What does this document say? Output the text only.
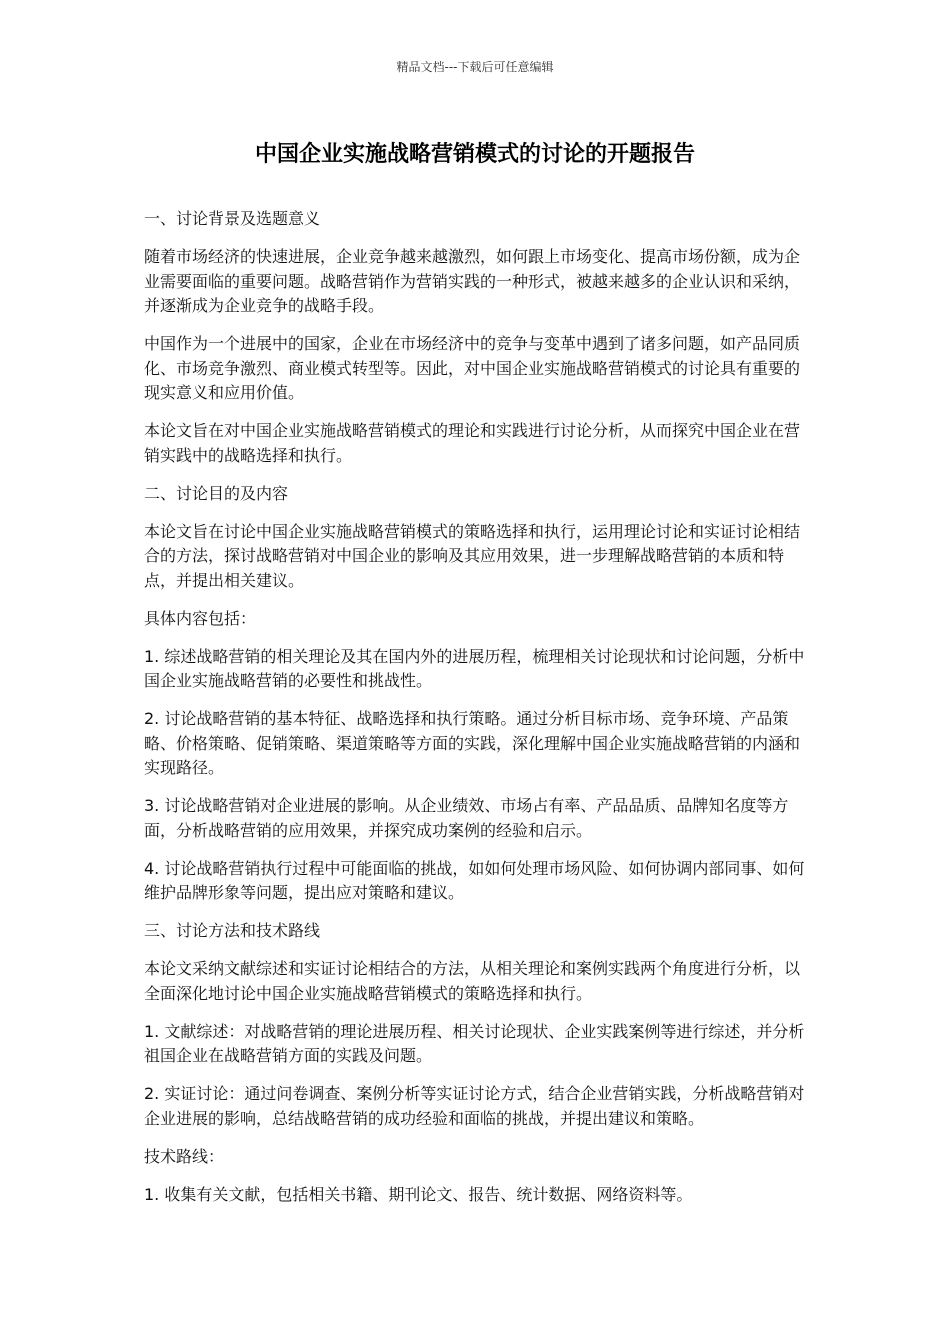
精品文档---下载后可任意编辑
中国企业实施战略营销模式的讨论的开题报告

一、讨论背景及选题意义

随着市场经济的快速进展，企业竞争越来越激烈，如何跟上市场变化、提高市场份额，成为企业需要面临的重要问题。战略营销作为营销实践的一种形式，被越来越多的企业认识和采纳，并逐渐成为企业竞争的战略手段。

中国作为一个进展中的国家，企业在市场经济中的竞争与变革中遇到了诸多问题，如产品同质化、市场竞争激烈、商业模式转型等。因此，对中国企业实施战略营销模式的讨论具有重要的现实意义和应用价值。

本论文旨在对中国企业实施战略营销模式的理论和实践进行讨论分析，从而探究中国企业在营销实践中的战略选择和执行。

二、讨论目的及内容

本论文旨在讨论中国企业实施战略营销模式的策略选择和执行，运用理论讨论和实证讨论相结合的方法，探讨战略营销对中国企业的影响及其应用效果，进一步理解战略营销的本质和特点，并提出相关建议。

具体内容包括：

1. 综述战略营销的相关理论及其在国内外的进展历程，梳理相关讨论现状和讨论问题，分析中国企业实施战略营销的必要性和挑战性。

2. 讨论战略营销的基本特征、战略选择和执行策略。通过分析目标市场、竞争环境、产品策略、价格策略、促销策略、渠道策略等方面的实践，深化理解中国企业实施战略营销的内涵和实现路径。

3. 讨论战略营销对企业进展的影响。从企业绩效、市场占有率、产品品质、品牌知名度等方面，分析战略营销的应用效果，并探究成功案例的经验和启示。

4. 讨论战略营销执行过程中可能面临的挑战，如如何处理市场风险、如何协调内部同事、如何维护品牌形象等问题，提出应对策略和建议。

三、讨论方法和技术路线

本论文采纳文献综述和实证讨论相结合的方法，从相关理论和案例实践两个角度进行分析，以全面深化地讨论中国企业实施战略营销模式的策略选择和执行。

1. 文献综述：对战略营销的理论进展历程、相关讨论现状、企业实践案例等进行综述，并分析祖国企业在战略营销方面的实践及问题。

2. 实证讨论：通过问卷调查、案例分析等实证讨论方式，结合企业营销实践，分析战略营销对企业进展的影响，总结战略营销的成功经验和面临的挑战，并提出建议和策略。

技术路线：

1. 收集有关文献，包括相关书籍、期刊论文、报告、统计数据、网络资料等。
